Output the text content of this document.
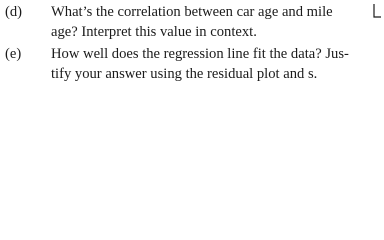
(d) What’s the correlation between car age and mile
age? Interpret this value in context.
(e) How well does the regression line fit the data? Jus-
tify your answer using the residual plot and s.
